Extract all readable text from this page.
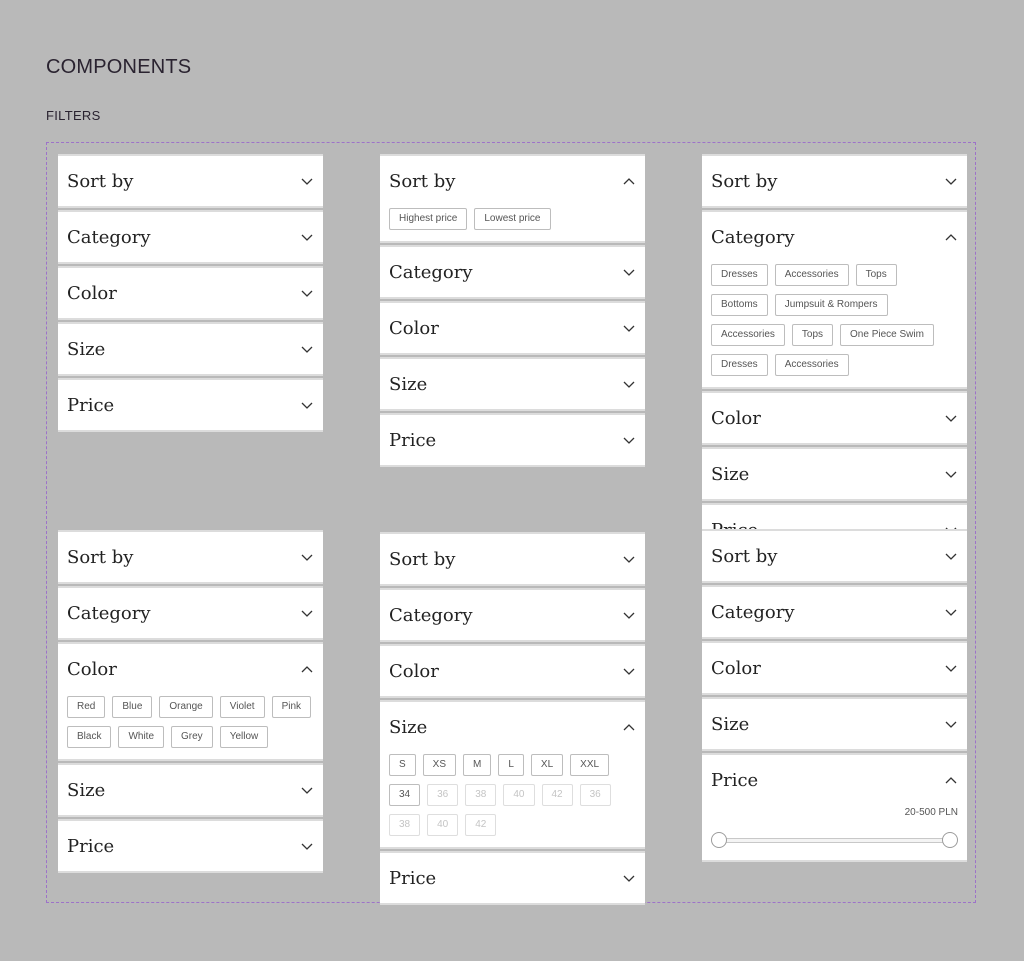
COMPONENTS
FILTERS
Sort by
Category
Color
Size
Price
Sort by
Highest price	Lowest price
Category
Color
Size
Price
Sort by
Category
Dresses	Accessories	Tops
Bottoms	Jumpsuit & Rompers
Accessories	Tops	One Piece Swim
Dresses	Accessories
Color
Size
Sort by
Category
Color
Red	Blue	Orange	Violet	Pink
Black	White	Grey	Yellow
Size
Price
Sort by
Category
Color
Size
S	XS	M	L	XL	XXL
34	36	38	40	42	36
38	40	42
Price
Sort by
Category
Color
Size
Price
20-500 PLN
